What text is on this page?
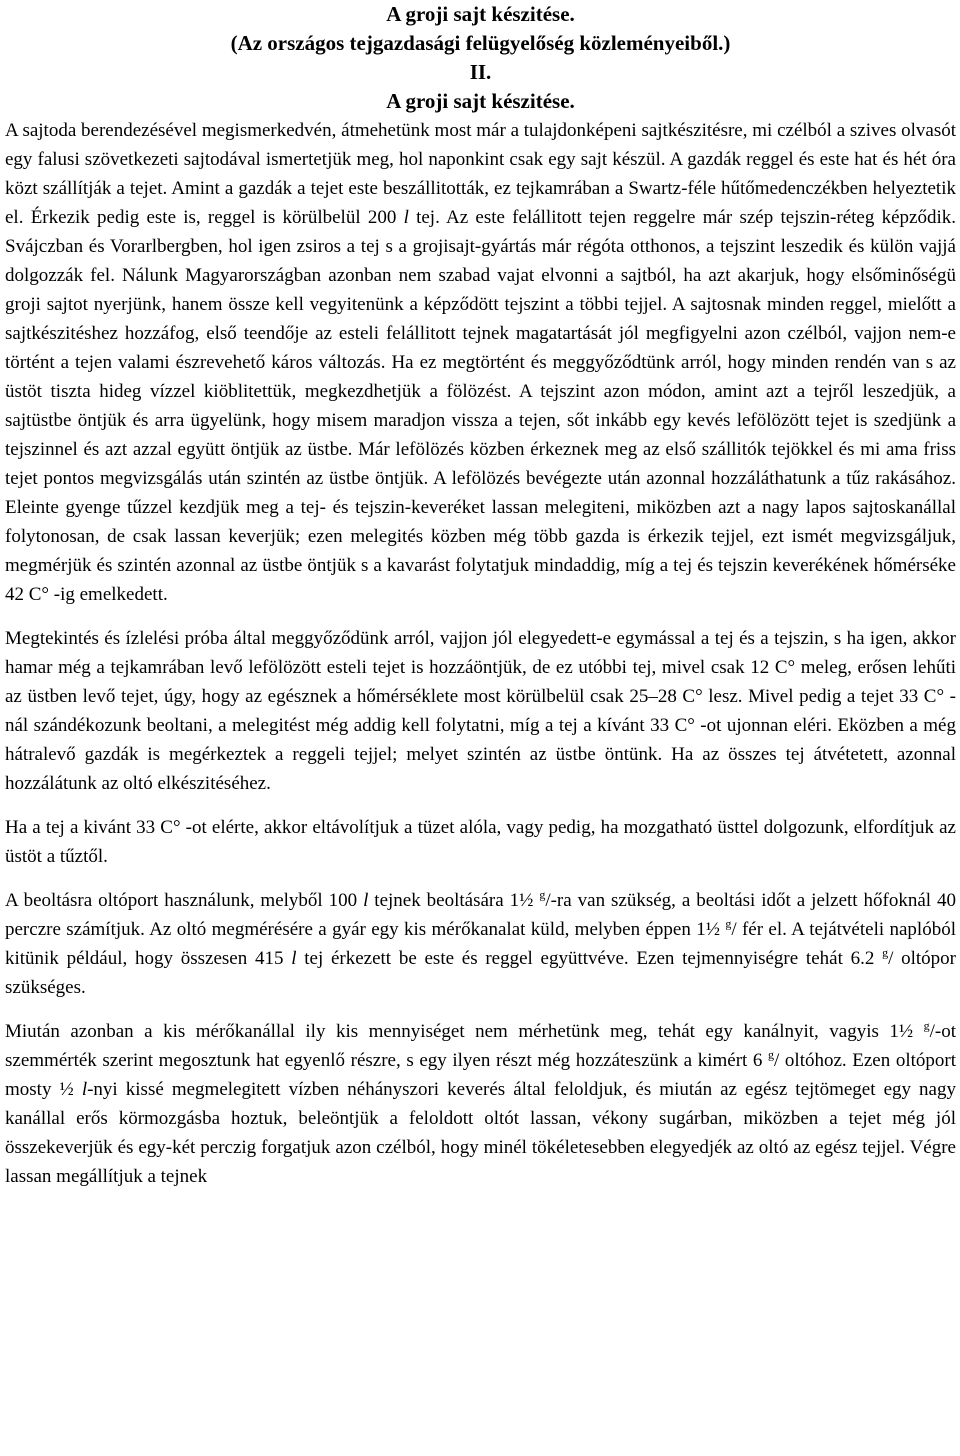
A groji sajt készitése.

(Az országos tejgazdasági felügyelőség közleményeiből.)

II.

A groji sajt készitése.

A sajtoda berendezésével megismerkedvén, átmehetünk most már a tulajdonképeni sajtkészitésre, mi czélból a szives olvasót egy falusi szövetkezeti sajtodával ismertetjük meg, hol naponkint csak egy sajt készül. A gazdák reggel és este hat és hét óra közt szállítják a tejet. Amint a gazdák a tejet este beszállitották, ez tejkamrában a Swartz-féle hűtőmedenczékben helyeztetik el. Érkezik pedig este is, reggel is körülbelül 200 l tej. Az este felállitott tejen reggelre már szép tejszin-réteg képződik. Svájczban és Vorarlbergben, hol igen zsiros a tej s a grojisajt-gyártás már régóta otthonos, a tejszint leszedik és külön vajjá dolgozzák fel. Nálunk Magyarországban azonban nem szabad vajat elvonni a sajtból, ha azt akarjuk, hogy elsőminőségü groji sajtot nyerjünk, hanem össze kell vegyitenünk a képződött tejszint a többi tejjel. A sajtosnak minden reggel, mielőtt a sajtkészitéshez hozzáfog, első teendője az esteli felállitott tejnek magatartását jól megfigyelni azon czélból, vajjon nem-e történt a tejen valami észrevehető káros változás. Ha ez megtörtént és meggyőződtünk arról, hogy minden rendén van s az üstöt tiszta hideg vízzel kiöblitettük, megkezdhetjük a fölözést. A tejszint azon módon, amint azt a tejről leszedjük, a sajtüstbe öntjük és arra ügyelünk, hogy misem maradjon vissza a tejen, sőt inkább egy kevés lefölözött tejet is szedjünk a tejszinnel és azt azzal együtt öntjük az üstbe. Már lefölözés közben érkeznek meg az első szállitók tejökkel és mi ama friss tejet pontos megvizsgálás után szintén az üstbe öntjük. A lefölözés bevégezte után azonnal hozzáláthatunk a tűz rakásához. Eleinte gyenge tűzzel kezdjük meg a tej- és tejszin-keveréket lassan melegiteni, miközben azt a nagy lapos sajtoskanállal folytonosan, de csak lassan keverjük; ezen melegités közben még több gazda is érkezik tejjel, ezt ismét megvizsgáljuk, megmérjük és szintén azonnal az üstbe öntjük s a kavarást folytatjuk mindaddig, míg a tej és tejszin keverékének hőmérséke 42 C° -ig emelkedett.

Megtekintés és ízlelési próba által meggyőződünk arról, vajjon jól elegyedett-e egymással a tej és a tejszin, s ha igen, akkor hamar még a tejkamrában levő lefölözött esteli tejet is hozzáöntjük, de ez utóbbi tej, mivel csak 12 C° meleg, erősen lehűti az üstben levő tejet, úgy, hogy az egésznek a hőmérséklete most körülbelül csak 25–28 C° lesz. Mivel pedig a tejet 33 C° -nál szándékozunk beoltani, a melegitést még addig kell folytatni, míg a tej a kívánt 33 C° -ot ujonnan eléri. Eközben a még hátralevő gazdák is megérkeztek a reggeli tejjel; melyet szintén az üstbe öntünk. Ha az összes tej átvétetett, azonnal hozzálátunk az oltó elkészitéséhez.

Ha a tej a kivánt 33 C° -ot elérte, akkor eltávolítjuk a tüzet alóla, vagy pedig, ha mozgatható üsttel dolgozunk, elfordítjuk az üstöt a tűztől.

A beoltásra oltóport használunk, melyből 100 l tejnek beoltására 1½ $^g$/-ra van szükség, a beoltási időt a jelzett hőfoknál 40 perczre számítjuk. Az oltó megmérésére a gyár egy kis mérőkanalat küld, melyben éppen 1½ $^g$/ fér el. A tejátvételi naplóból kitünik például, hogy összesen 415 l tej érkezett be este és reggel együttvéve. Ezen tejmennyiségre tehát 6.2 $^g$/ oltópor szükséges.

Miután azonban a kis mérőkanállal ily kis mennyiséget nem mérhetünk meg, tehát egy kanálnyit, vagyis 1½ $^g$/-ot szemmérték szerint megosztunk hat egyenlő részre, s egy ilyen részt még hozzáteszünk a kimért 6 $^g$/ oltóhoz. Ezen oltóport mosty ½ l-nyi kissé megmelegitett vízben néhányszori keverés által feloldjuk, és miután az egész tejtömeget egy nagy kanállal erős körmozgásba hoztuk, beleöntjük a feloldott oltót lassan, vékony sugárban, miközben a tejet még jól összekeverjük és egy-két perczig forgatjuk azon czélból, hogy minél tökéletesebben elegyedjék az oltó az egész tejjel. Végre lassan megállítjuk a tejnek
